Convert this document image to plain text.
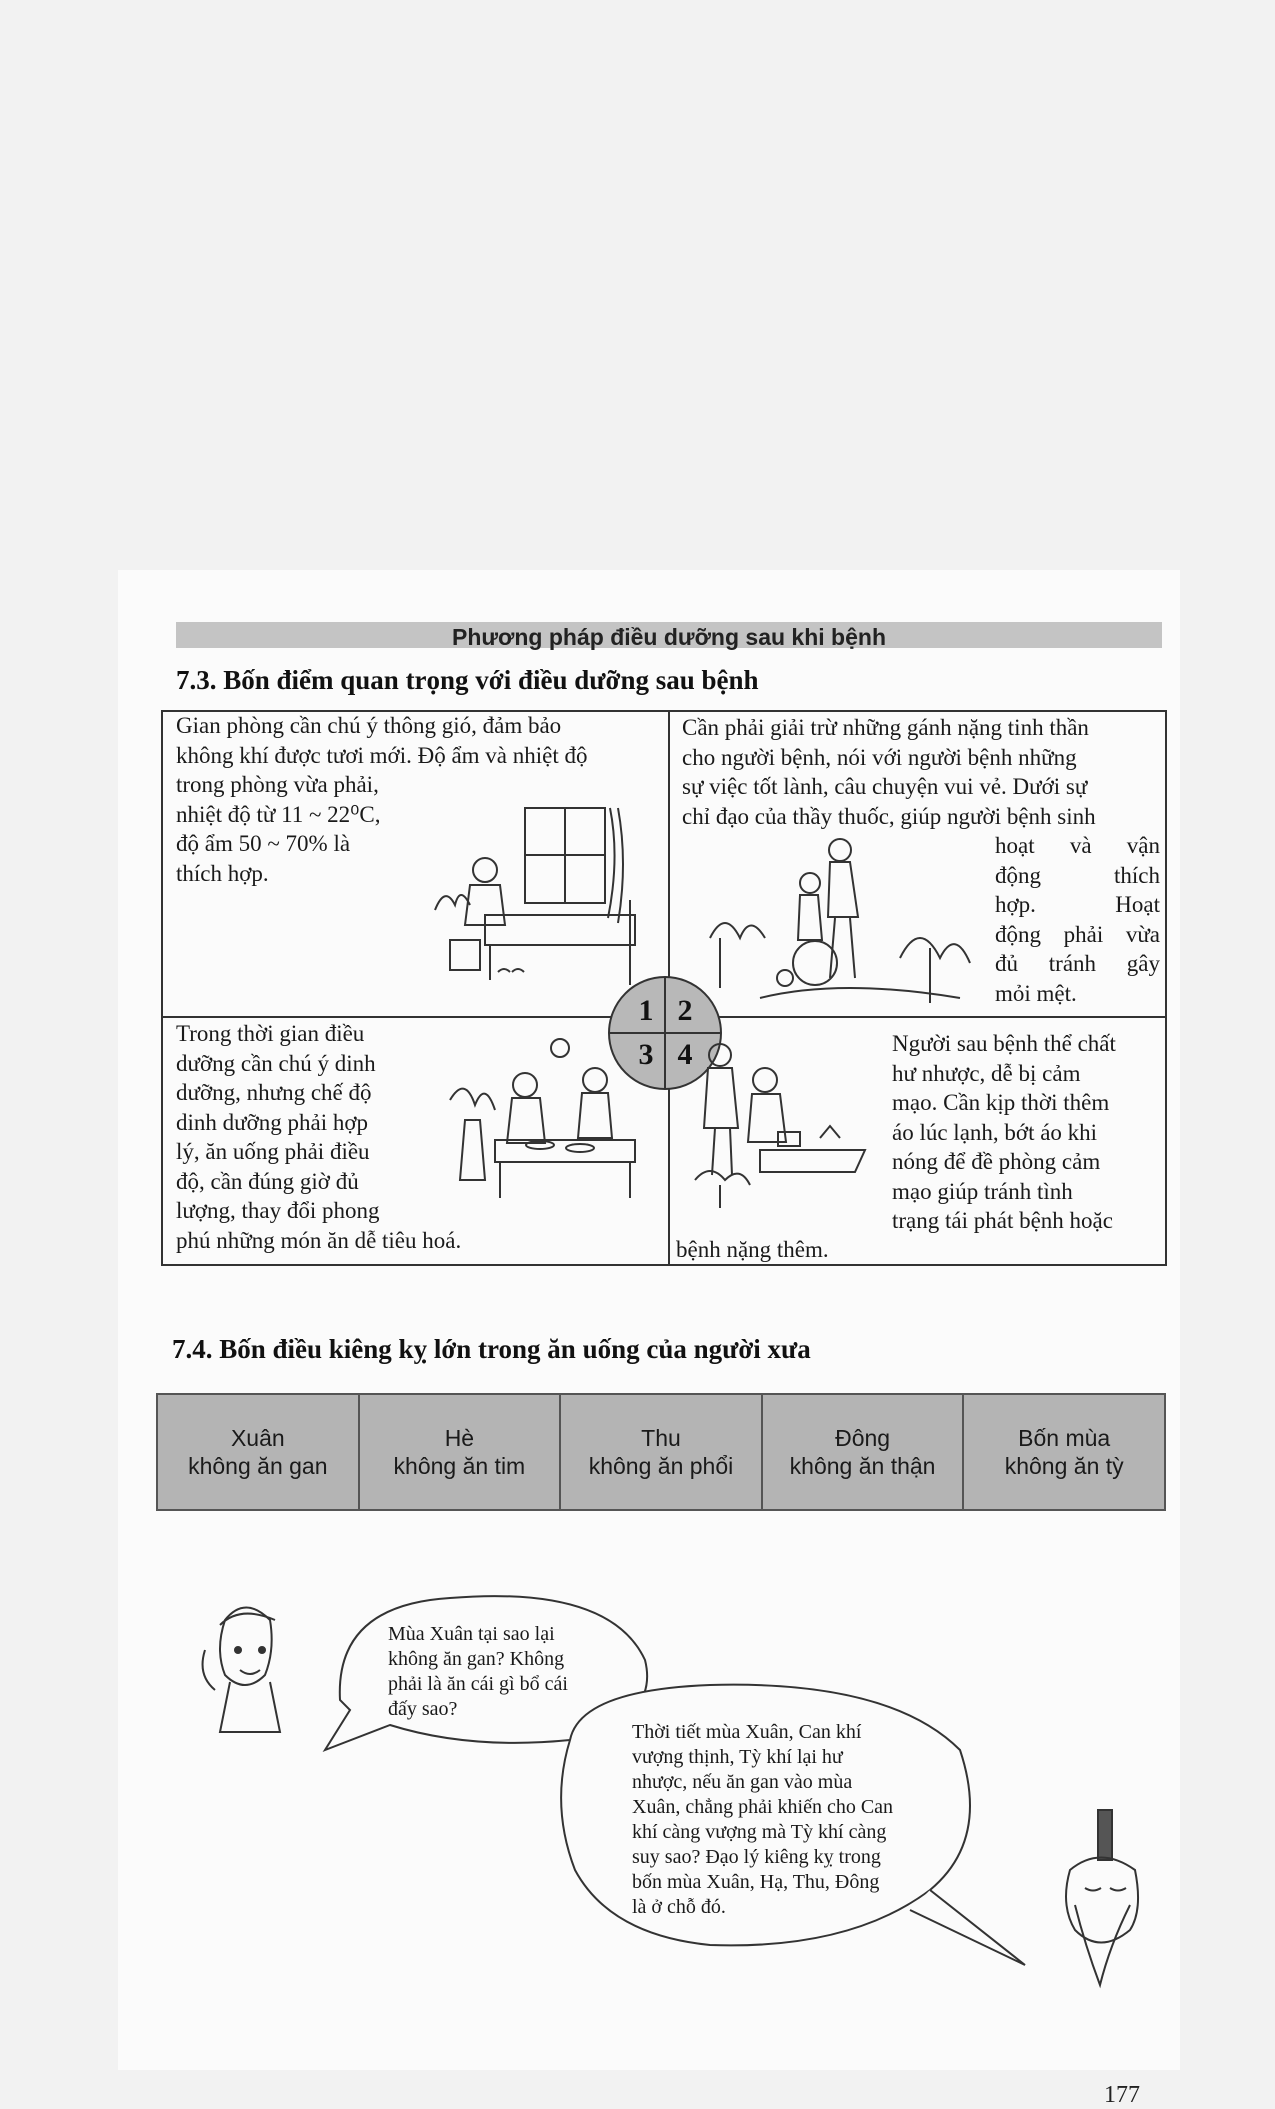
Phương pháp điều dưỡng sau khi bệnh
7.3. Bốn điểm quan trọng với điều dưỡng sau bệnh
Gian phòng cần chú ý thông gió, đảm bảo
không khí được tươi mới. Độ ẩm và nhiệt độ
trong phòng vừa phải,
nhiệt độ từ 11 ~ 22⁰C,
độ ẩm 50 ~ 70% là
thích hợp.
Cần phải giải trừ những gánh nặng tinh thần
cho người bệnh, nói với người bệnh những
sự việc tốt lành, câu chuyện vui vẻ. Dưới sự
chỉ đạo của thầy thuốc, giúp người bệnh sinh
hoạt và vận
động thích
hợp. Hoạt
động phải vừa
đủ tránh gây
mỏi mệt.
1 2
3 4
Trong thời gian điều
dưỡng cần chú ý dinh
dưỡng, nhưng chế độ
dinh dưỡng phải hợp
lý, ăn uống phải điều
độ, cần đúng giờ đủ
lượng, thay đổi phong
phú những món ăn dễ tiêu hoá.
Người sau bệnh thể chất
hư nhược, dễ bị cảm
mạo. Cần kịp thời thêm
áo lúc lạnh, bớt áo khi
nóng để đề phòng cảm
mạo giúp tránh tình
trạng tái phát bệnh hoặc
bệnh nặng thêm.
7.4. Bốn điều kiêng kỵ lớn trong ăn uống của người xưa
Xuân
không ăn gan

Hè
không ăn tim

Thu
không ăn phổi

Đông
không ăn thận

Bốn mùa
không ăn tỳ
Mùa Xuân tại sao lại
không ăn gan? Không
phải là ăn cái gì bổ cái
đấy sao?
Thời tiết mùa Xuân, Can khí
vượng thịnh, Tỳ khí lại hư
nhược, nếu ăn gan vào mùa
Xuân, chẳng phải khiến cho Can
khí càng vượng mà Tỳ khí càng
suy sao? Đạo lý kiêng kỵ trong
bốn mùa Xuân, Hạ, Thu, Đông
là ở chỗ đó.
177
